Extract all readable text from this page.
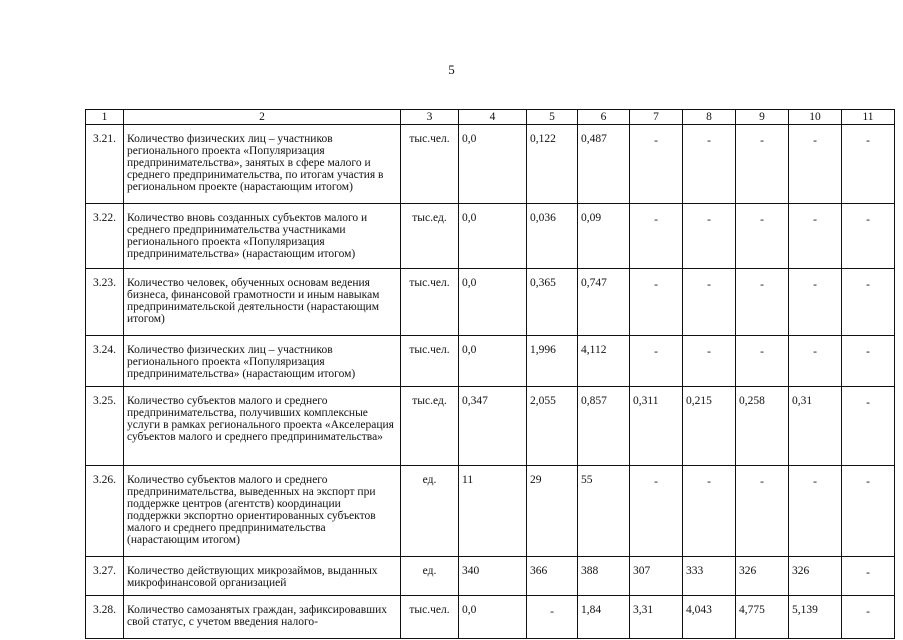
5
1	2	3	4	5	6	7	8	9	10	11
3.21.	Количество физических лиц – участников регионального проекта «Популяризация предпринимательства», занятых в сфере малого и среднего предпринимательства, по итогам участия в региональном проекте (нарастающим итогом)	тыс.чел.	0,0	0,122	0,487	-	-	-	-	-
3.22.	Количество вновь созданных субъектов малого и среднего предпринимательства участниками регионального проекта «Популяризация предпринимательства» (нарастающим итогом)	тыс.ед.	0,0	0,036	0,09	-	-	-	-	-
3.23.	Количество человек, обученных основам ведения бизнеса, финансовой грамотности и иным навыкам предпринимательской деятельности (нарастающим итогом)	тыс.чел.	0,0	0,365	0,747	-	-	-	-	-
3.24.	Количество физических лиц – участников регионального проекта «Популяризация предпринимательства» (нарастающим итогом)	тыс.чел.	0,0	1,996	4,112	-	-	-	-	-
3.25.	Количество субъектов малого и среднего предпринимательства, получивших комплексные услуги в рамках регионального проекта «Акселерация субъектов малого и среднего предпринимательства»	тыс.ед.	0,347	2,055	0,857	0,311	0,215	0,258	0,31	-
3.26.	Количество субъектов малого и среднего предпринимательства, выведенных на экспорт при поддержке центров (агентств) координации поддержки экспортно ориентированных субъектов малого и среднего предпринимательства (нарастающим итогом)	ед.	11	29	55	-	-	-	-	-
3.27.	Количество действующих микрозаймов, выданных микрофинансовой организацией	ед.	340	366	388	307	333	326	326	-
3.28.	Количество самозанятых граждан, зафиксировавших свой статус, с учетом введения налого-	тыс.чел.	0,0	-	1,84	3,31	4,043	4,775	5,139	-
